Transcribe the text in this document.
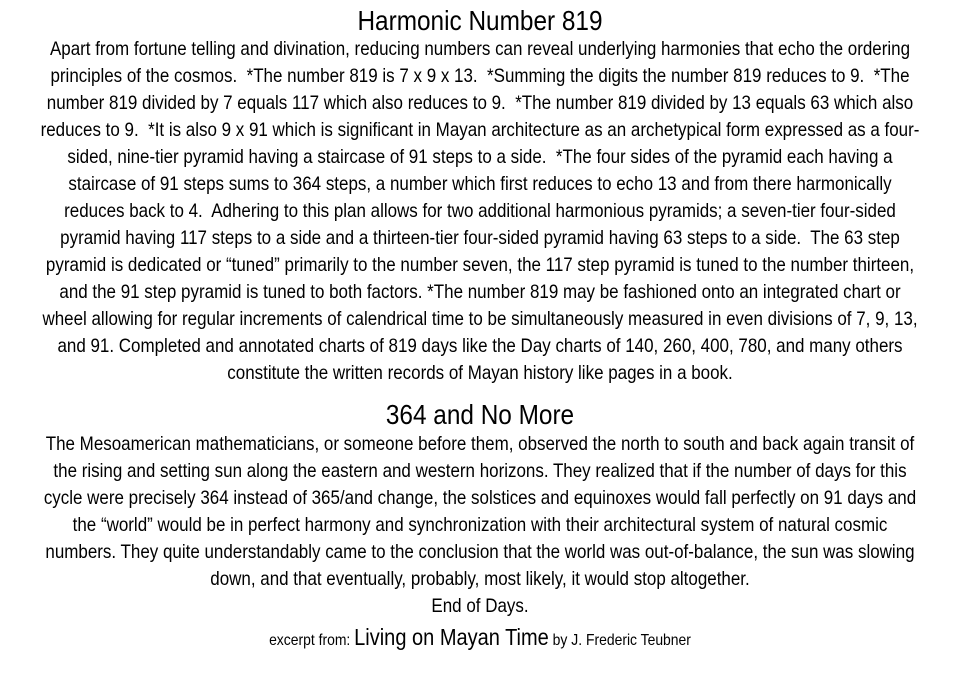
Harmonic Number 819

Apart from fortune telling and divination, reducing numbers can reveal underlying harmonies that echo the ordering principles of the cosmos.  *The number 819 is 7 x 9 x 13.  *Summing the digits the number 819 reduces to 9.  *The number 819 divided by 7 equals 117 which also reduces to 9.  *The number 819 divided by 13 equals 63 which also reduces to 9.  *It is also 9 x 91 which is significant in Mayan architecture as an archetypical form expressed as a four-sided, nine-tier pyramid having a staircase of 91 steps to a side.  *The four sides of the pyramid each having a staircase of 91 steps sums to 364 steps, a number which first reduces to echo 13 and from there harmonically reduces back to 4.  Adhering to this plan allows for two additional harmonious pyramids; a seven-tier four-sided pyramid having 117 steps to a side and a thirteen-tier four-sided pyramid having 63 steps to a side.  The 63 step pyramid is dedicated or “tuned” primarily to the number seven, the 117 step pyramid is tuned to the number thirteen, and the 91 step pyramid is tuned to both factors. *The number 819 may be fashioned onto an integrated chart or wheel allowing for regular increments of calendrical time to be simultaneously measured in even divisions of 7, 9, 13, and 91. Completed and annotated charts of 819 days like the Day charts of 140, 260, 400, 780, and many others constitute the written records of Mayan history like pages in a book.

364 and No More

The Mesoamerican mathematicians, or someone before them, observed the north to south and back again transit of the rising and setting sun along the eastern and western horizons. They realized that if the number of days for this cycle were precisely 364 instead of 365/and change, the solstices and equinoxes would fall perfectly on 91 days and the “world” would be in perfect harmony and synchronization with their architectural system of natural cosmic numbers. They quite understandably came to the conclusion that the world was out-of-balance, the sun was slowing down, and that eventually, probably, most likely, it would stop altogether.

End of Days.

excerpt from: Living on Mayan Time by J. Frederic Teubner
